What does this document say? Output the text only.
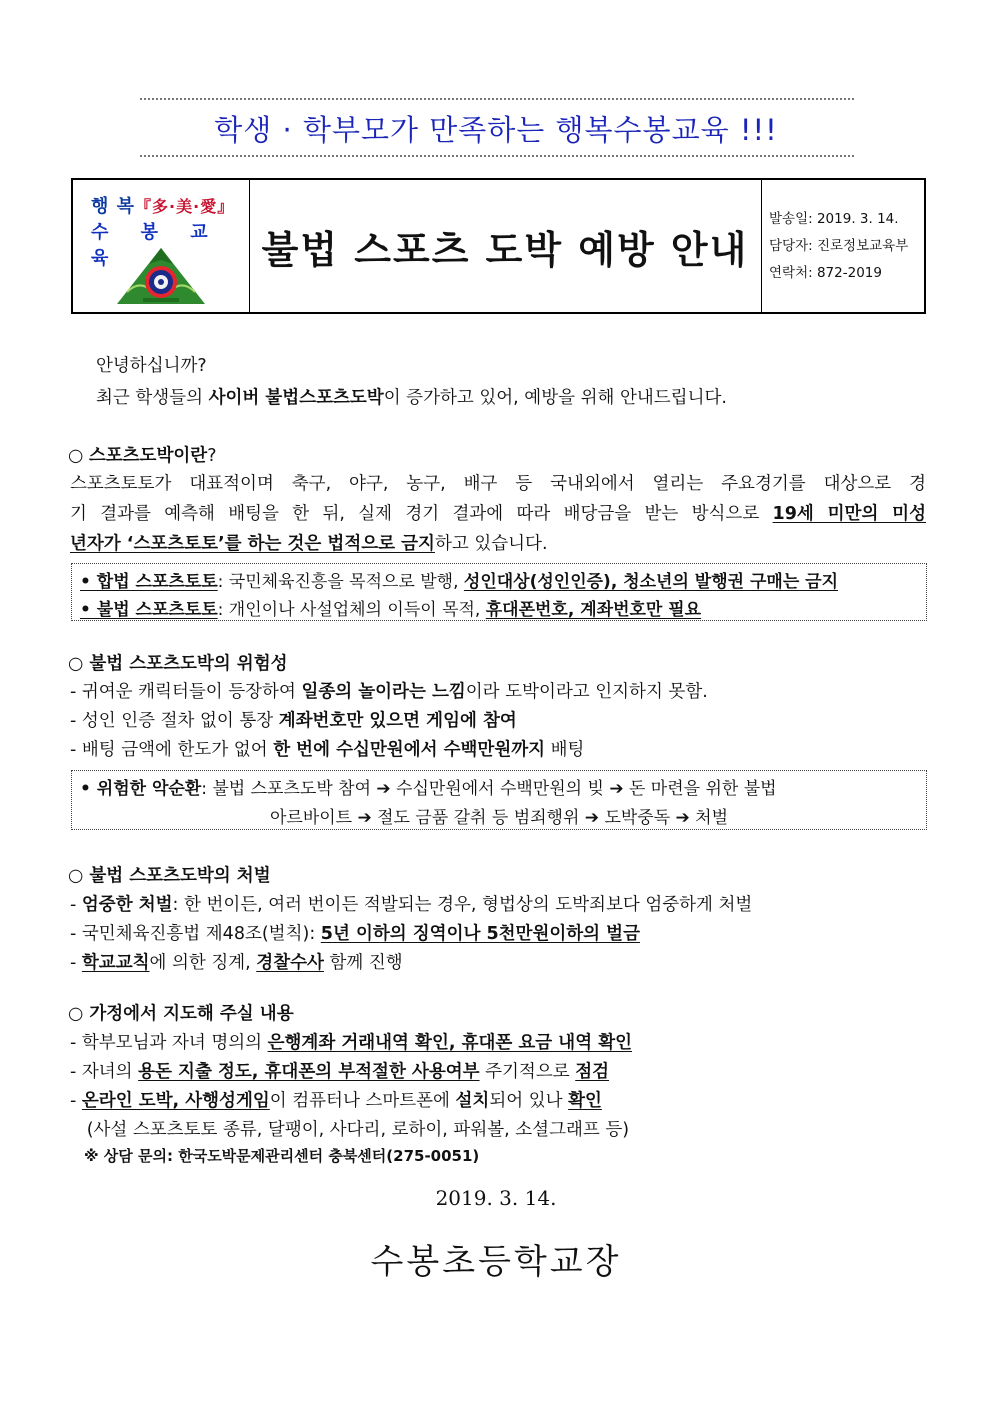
학생 · 학부모가 만족하는 행복수봉교육 !!!
행 복『多·美·愛』
수 봉 교 육	불법 스포츠 도박 예방 안내
발송일: 2019. 3. 14.
담당자: 진로정보교육부
연락처: 872-2019

안녕하십니까?

최근 학생들의 사이버 불법스포츠도박이 증가하고 있어, 예방을 위해 안내드립니다.

○ 스포츠도박이란?

스포츠토토가 대표적이며 축구, 야구, 농구, 배구 등 국내외에서 열리는 주요경기를 대상으로 경
기 결과를 예측해 배팅을 한 뒤, 실제 경기 결과에 따라 배당금을 받는 방식으로 19세 미만의 미성

년자가 ‘스포츠토토’를 하는 것은 법적으로 금지하고 있습니다.

• 합법 스포츠토토: 국민체육진흥을 목적으로 발행, 성인대상(성인인증), 청소년의 발행권 구매는 금지
• 불법 스포츠토토: 개인이나 사설업체의 이득이 목적, 휴대폰번호, 계좌번호만 필요

○ 불법 스포츠도박의 위험성

- 귀여운 캐릭터들이 등장하여 일종의 놀이라는 느낌이라 도박이라고 인지하지 못함.

- 성인 인증 절차 없이 통장 계좌번호만 있으면 게임에 참여

- 배팅 금액에 한도가 없어 한 번에 수십만원에서 수백만원까지 배팅

• 위험한 악순환: 불법 스포츠도박 참여 ➔ 수십만원에서 수백만원의 빚 ➔ 돈 마련을 위한 불법
아르바이트 ➔ 절도 금품 갈취 등 범죄행위 ➔ 도박중독 ➔ 처벌

○ 불법 스포츠도박의 처벌

- 엄중한 처벌: 한 번이든, 여러 번이든 적발되는 경우, 형법상의 도박죄보다 엄중하게 처벌

- 국민체육진흥법 제48조(벌칙): 5년 이하의 징역이나 5천만원이하의 벌금

- 학교교칙에 의한 징계, 경찰수사 함께 진행

○ 가정에서 지도해 주실 내용

- 학부모님과 자녀 명의의 은행계좌 거래내역 확인, 휴대폰 요금 내역 확인

- 자녀의 용돈 지출 정도, 휴대폰의 부적절한 사용여부 주기적으로 점검

- 온라인 도박, 사행성게임이 컴퓨터나 스마트폰에 설치되어 있나 확인

(사설 스포츠토토 종류, 달팽이, 사다리, 로하이, 파워볼, 소셜그래프 등)

※ 상담 문의: 한국도박문제관리센터 충북센터(275-0051)

2019. 3. 14.
수봉초등학교장
